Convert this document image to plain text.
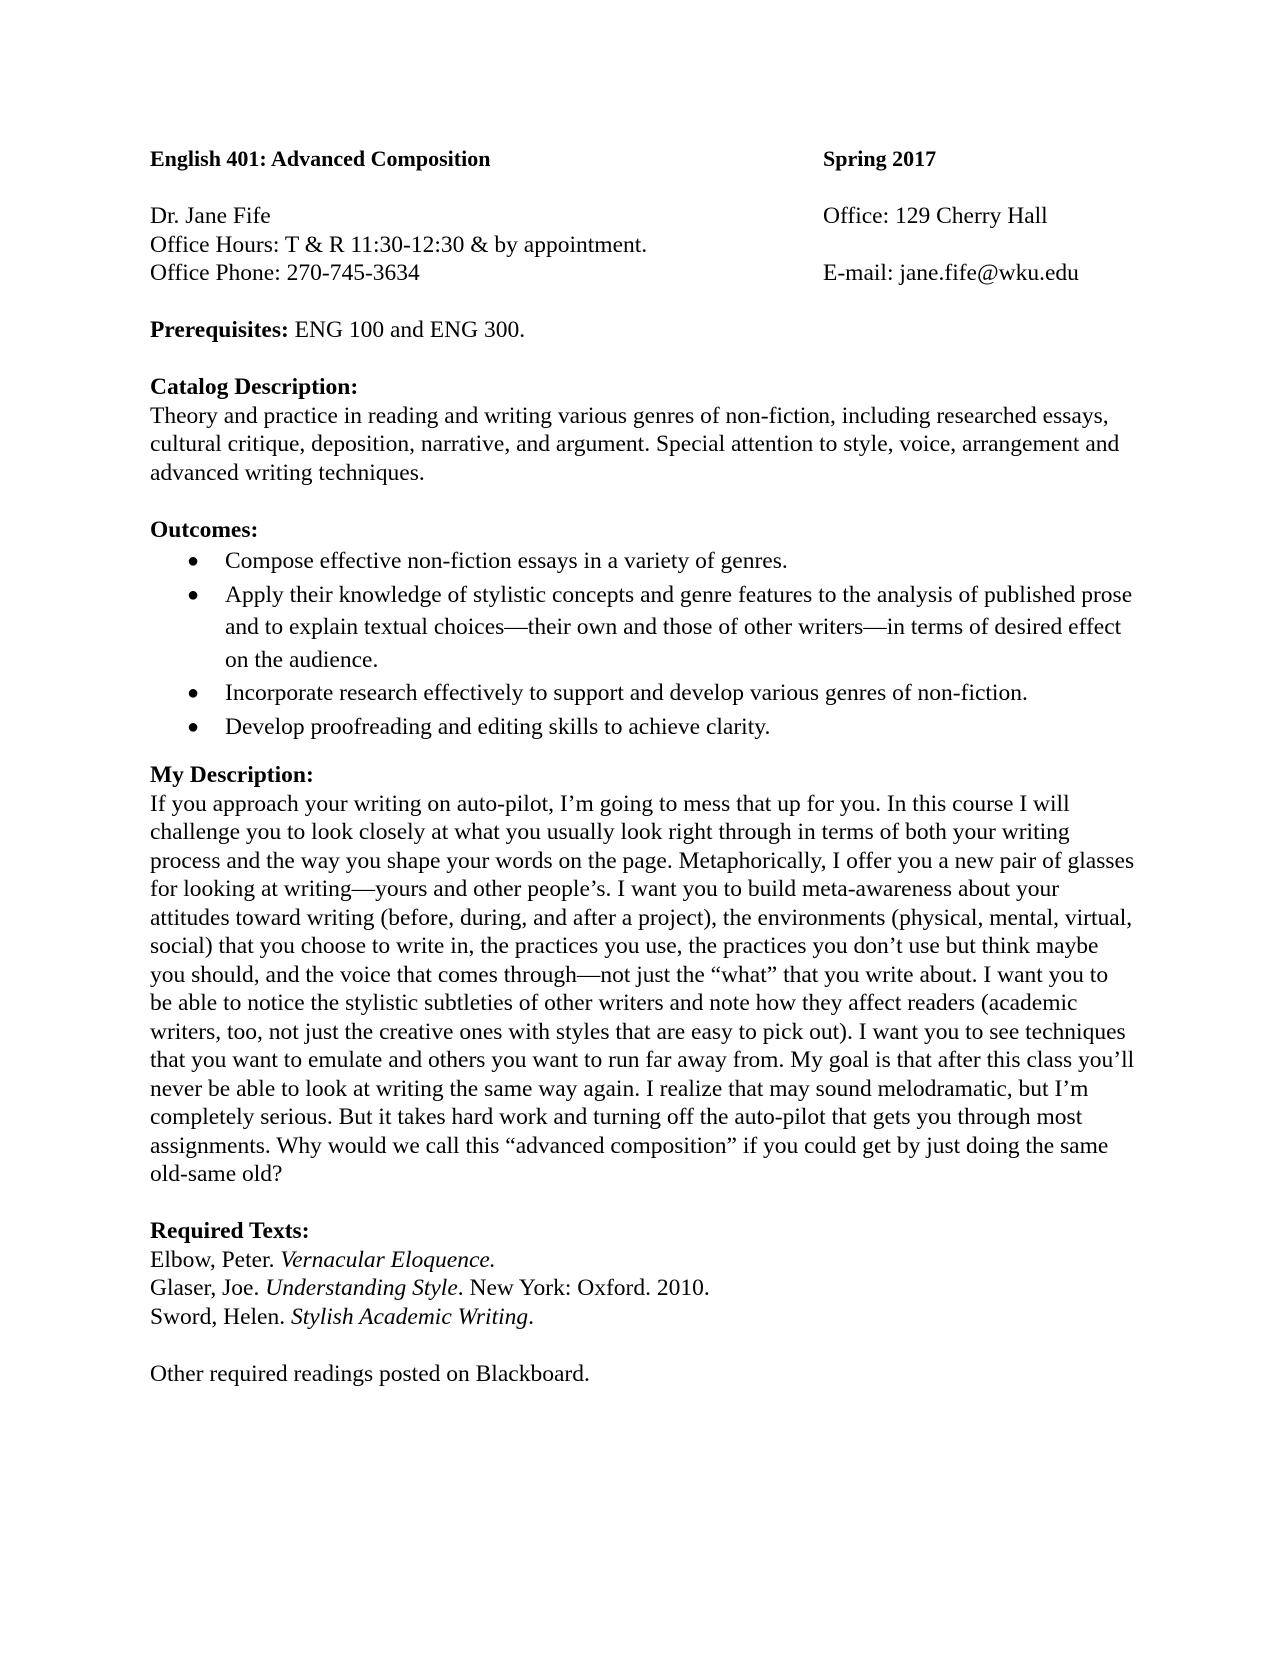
English 401: Advanced Composition	Spring 2017
Dr. Jane Fife	Office: 129 Cherry Hall
Office Hours: T & R 11:30-12:30 & by appointment.
Office Phone: 270-745-3634	E-mail: jane.fife@wku.edu
Prerequisites: ENG 100 and ENG 300.

Catalog Description:

Theory and practice in reading and writing various genres of non-fiction, including researched essays, cultural critique, deposition, narrative, and argument. Special attention to style, voice, arrangement and advanced writing techniques.

Outcomes:

● Compose effective non-fiction essays in a variety of genres.
● Apply their knowledge of stylistic concepts and genre features to the analysis of published prose and to explain textual choices—their own and those of other writers—in terms of desired effect on the audience.
● Incorporate research effectively to support and develop various genres of non-fiction.
● Develop proofreading and editing skills to achieve clarity.

My Description:

If you approach your writing on auto-pilot, I’m going to mess that up for you. In this course I will challenge you to look closely at what you usually look right through in terms of both your writing process and the way you shape your words on the page. Metaphorically, I offer you a new pair of glasses for looking at writing—yours and other people’s. I want you to build meta-awareness about your attitudes toward writing (before, during, and after a project), the environments (physical, mental, virtual, social) that you choose to write in, the practices you use, the practices you don’t use but think maybe you should, and the voice that comes through—not just the “what” that you write about. I want you to be able to notice the stylistic subtleties of other writers and note how they affect readers (academic writers, too, not just the creative ones with styles that are easy to pick out). I want you to see techniques that you want to emulate and others you want to run far away from. My goal is that after this class you’ll never be able to look at writing the same way again. I realize that may sound melodramatic, but I’m completely serious. But it takes hard work and turning off the auto-pilot that gets you through most assignments. Why would we call this “advanced composition” if you could get by just doing the same old-same old?

Required Texts:

Elbow, Peter. Vernacular Eloquence.
Glaser, Joe. Understanding Style. New York: Oxford. 2010.
Sword, Helen. Stylish Academic Writing.
Other required readings posted on Blackboard.
